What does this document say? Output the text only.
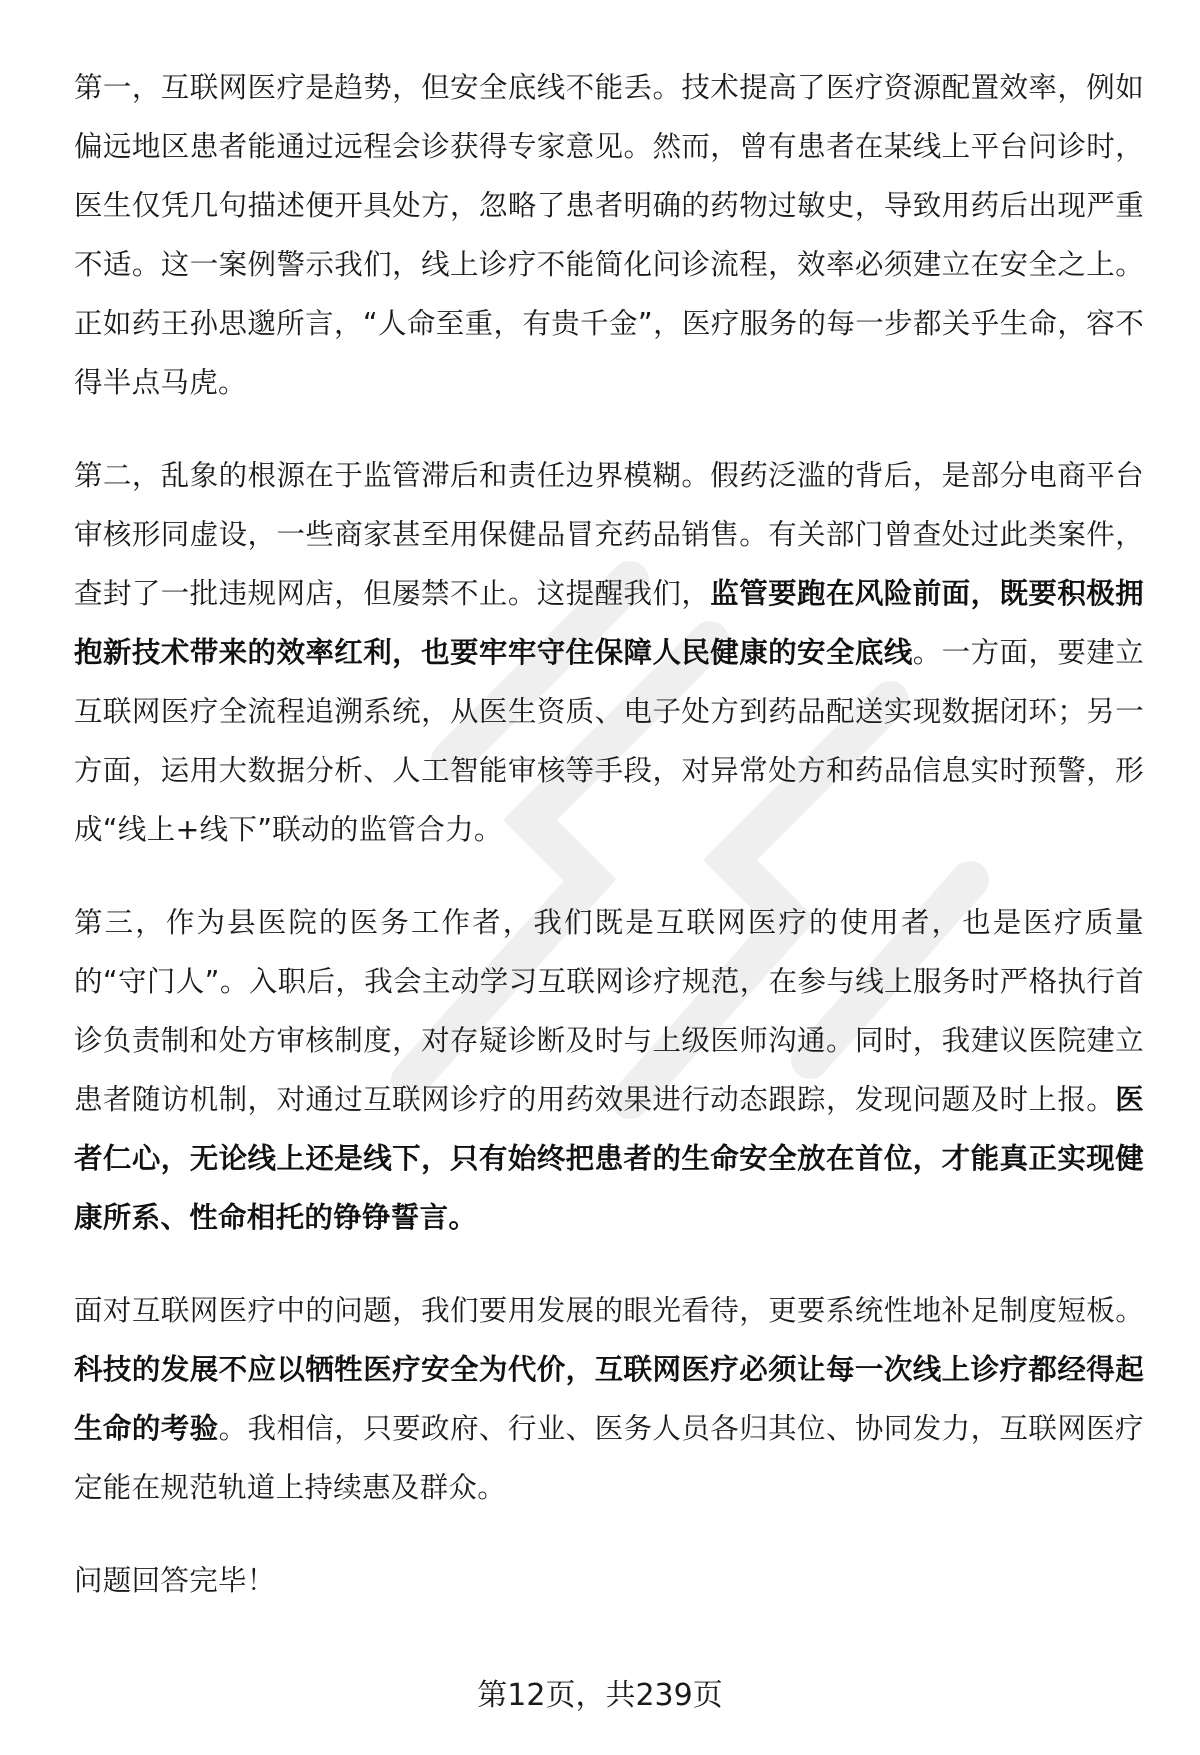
第一，互联网医疗是趋势，但安全底线不能丢。技术提高了医疗资源配置效率，例如偏远地区患者能通过远程会诊获得专家意见。然而，曾有患者在某线上平台问诊时，医生仅凭几句描述便开具处方，忽略了患者明确的药物过敏史，导致用药后出现严重不适。这一案例警示我们，线上诊疗不能简化问诊流程，效率必须建立在安全之上。正如药王孙思邈所言，“人命至重，有贵千金”，医疗服务的每一步都关乎生命，容不得半点马虎。

第二，乱象的根源在于监管滞后和责任边界模糊。假药泛滥的背后，是部分电商平台审核形同虚设，一些商家甚至用保健品冒充药品销售。有关部门曾查处过此类案件，查封了一批违规网店，但屡禁不止。这提醒我们，监管要跑在风险前面，既要积极拥抱新技术带来的效率红利，也要牢牢守住保障人民健康的安全底线。一方面，要建立互联网医疗全流程追溯系统，从医生资质、电子处方到药品配送实现数据闭环；另一方面，运用大数据分析、人工智能审核等手段，对异常处方和药品信息实时预警，形成“线上+线下”联动的监管合力。

第三，作为县医院的医务工作者，我们既是互联网医疗的使用者，也是医疗质量的“守门人”。入职后，我会主动学习互联网诊疗规范，在参与线上服务时严格执行首诊负责制和处方审核制度，对存疑诊断及时与上级医师沟通。同时，我建议医院建立患者随访机制，对通过互联网诊疗的用药效果进行动态跟踪，发现问题及时上报。医者仁心，无论线上还是线下，只有始终把患者的生命安全放在首位，才能真正实现健康所系、性命相托的铮铮誓言。

面对互联网医疗中的问题，我们要用发展的眼光看待，更要系统性地补足制度短板。科技的发展不应以牺牲医疗安全为代价，互联网医疗必须让每一次线上诊疗都经得起生命的考验。我相信，只要政府、行业、医务人员各归其位、协同发力，互联网医疗定能在规范轨道上持续惠及群众。

问题回答完毕！

第12页，共239页
